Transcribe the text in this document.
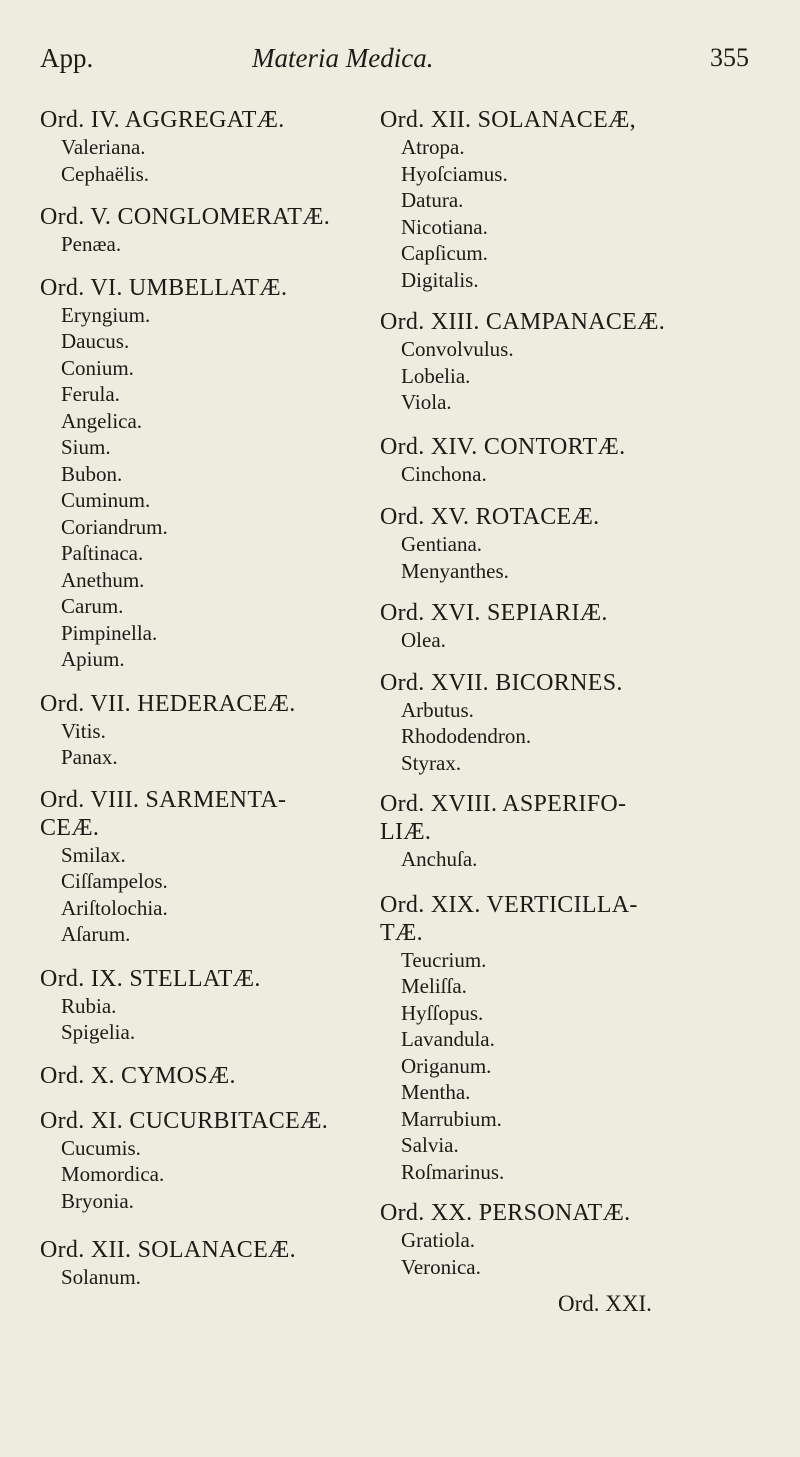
App.	Materia Medica.	355
Ord. IV. AGGREGATÆ.
Valeriana.
Cephaëlis.
Ord. V. CONGLOMERATÆ.
Penæa.
Ord. VI. UMBELLATÆ.
Eryngium.
Daucus.
Conium.
Ferula.
Angelica.
Sium.
Bubon.
Cuminum.
Coriandrum.
Paſtinaca.
Anethum.
Carum.
Pimpinella.
Apium.
Ord. VII. HEDERACEÆ.
Vitis.
Panax.
Ord. VIII. SARMENTA-
CEÆ.
Smilax.
Ciſſampelos.
Ariſtolochia.
Aſarum.
Ord. IX. STELLATÆ.
Rubia.
Spigelia.
Ord. X. CYMOSÆ.
Ord. XI. CUCURBITACEÆ.
Cucumis.
Momordica.
Bryonia.
Ord. XII. SOLANACEÆ.
Solanum.
Ord. XII. SOLANACEÆ,
Atropa.
Hyoſciamus.
Datura.
Nicotiana.
Capſicum.
Digitalis.
Ord. XIII. CAMPANACEÆ.
Convolvulus.
Lobelia.
Viola.
Ord. XIV. CONTORTÆ.
Cinchona.
Ord. XV. ROTACEÆ.
Gentiana.
Menyanthes.
Ord. XVI. SEPIARIÆ.
Olea.
Ord. XVII. BICORNES.
Arbutus.
Rhododendron.
Styrax.
Ord. XVIII. ASPERIFO-
LIÆ.
Anchuſa.
Ord. XIX. VERTICILLA-
TÆ.
Teucrium.
Meliſſa.
Hyſſopus.
Lavandula.
Origanum.
Mentha.
Marrubium.
Salvia.
Roſmarinus.
Ord. XX. PERSONATÆ.
Gratiola.
Veronica.
Ord. XXI.
